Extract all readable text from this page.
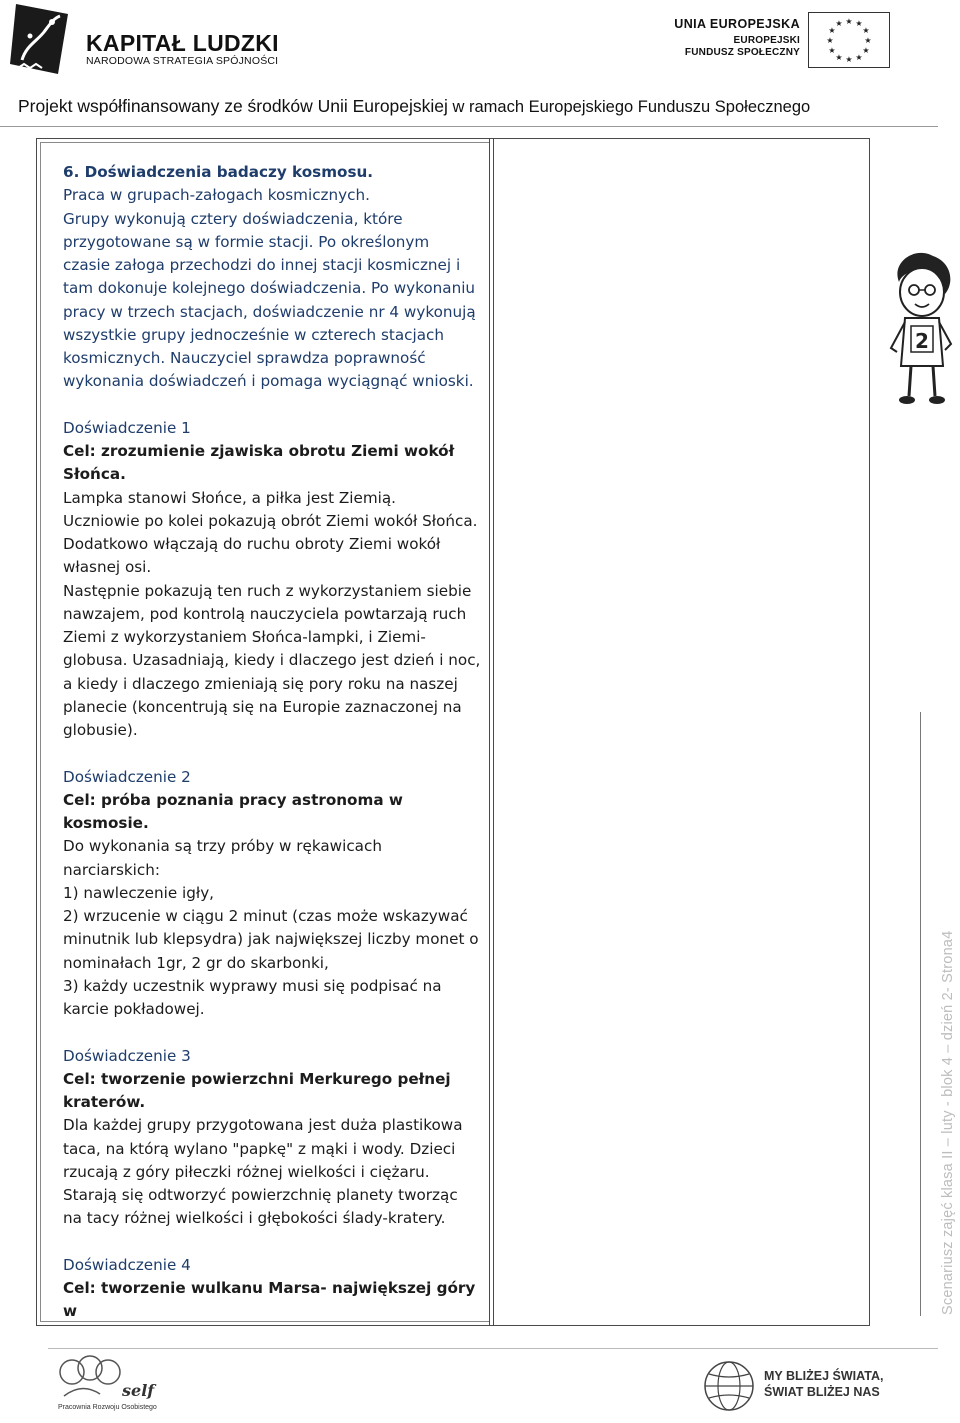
KAPITAŁ LUDZKI
NARODOWA STRATEGIA SPÓJNOŚCI
UNIA EUROPEJSKA
EUROPEJSKI
FUNDUSZ SPOŁECZNY
★ ★
★
★
★
★
★
★
★
★
★
★
Projekt współfinansowany ze środków Unii Europejskiej w ramach Europejskiego Funduszu Społecznego

6. Doświadczenia badaczy kosmosu.

Praca w grupach-załogach kosmicznych.

Grupy wykonują cztery doświadczenia, które przygotowane są w formie stacji. Po określonym czasie załoga przechodzi do innej stacji kosmicznej i tam dokonuje kolejnego doświadczenia. Po wykonaniu pracy w trzech stacjach, doświadczenie nr 4 wykonują wszystkie grupy jednocześnie w czterech stacjach kosmicznych. Nauczyciel sprawdza poprawność wykonania doświadczeń i pomaga wyciągnąć wnioski.

Doświadczenie 1

Cel: zrozumienie zjawiska obrotu Ziemi wokół Słońca.

Lampka stanowi Słońce, a piłka jest Ziemią.

Uczniowie po kolei pokazują obrót Ziemi wokół Słońca.

Dodatkowo włączają do ruchu obroty Ziemi wokół własnej osi.

Następnie pokazują ten ruch z wykorzystaniem siebie nawzajem, pod kontrolą nauczyciela powtarzają ruch Ziemi z wykorzystaniem Słońca-lampki, i Ziemi-globusa. Uzasadniają, kiedy i dlaczego jest dzień i noc, a kiedy i dlaczego zmieniają się pory roku na naszej planecie (koncentrują się na Europie zaznaczonej na globusie).

Doświadczenie 2

Cel: próba poznania pracy astronoma w kosmosie.

Do wykonania są trzy próby w rękawicach narciarskich:

1) nawleczenie igły,

2) wrzucenie w ciągu 2 minut (czas może wskazywać minutnik lub klepsydra) jak największej liczby monet o nominałach 1gr, 2 gr do skarbonki,

3) każdy uczestnik wyprawy musi się podpisać na karcie pokładowej.

Doświadczenie 3

Cel: tworzenie powierzchni Merkurego pełnej kraterów.

Dla każdej grupy przygotowana jest duża plastikowa taca, na którą wylano "papkę" z mąki i wody. Dzieci rzucają z góry piłeczki różnej wielkości i ciężaru. Starają się odtworzyć powierzchnię planety tworząc na tacy różnej wielkości i głębokości ślady-kratery.

Doświadczenie 4

Cel: tworzenie wulkanu Marsa- największej góry w

2
Scenariusz zajęć klasa II – luty - blok 4 – dzień 2- Strona4
self
Pracownia Rozwoju Osobistego
MY BLIŻEJ ŚWIATA,
ŚWIAT BLIŻEJ NAS
